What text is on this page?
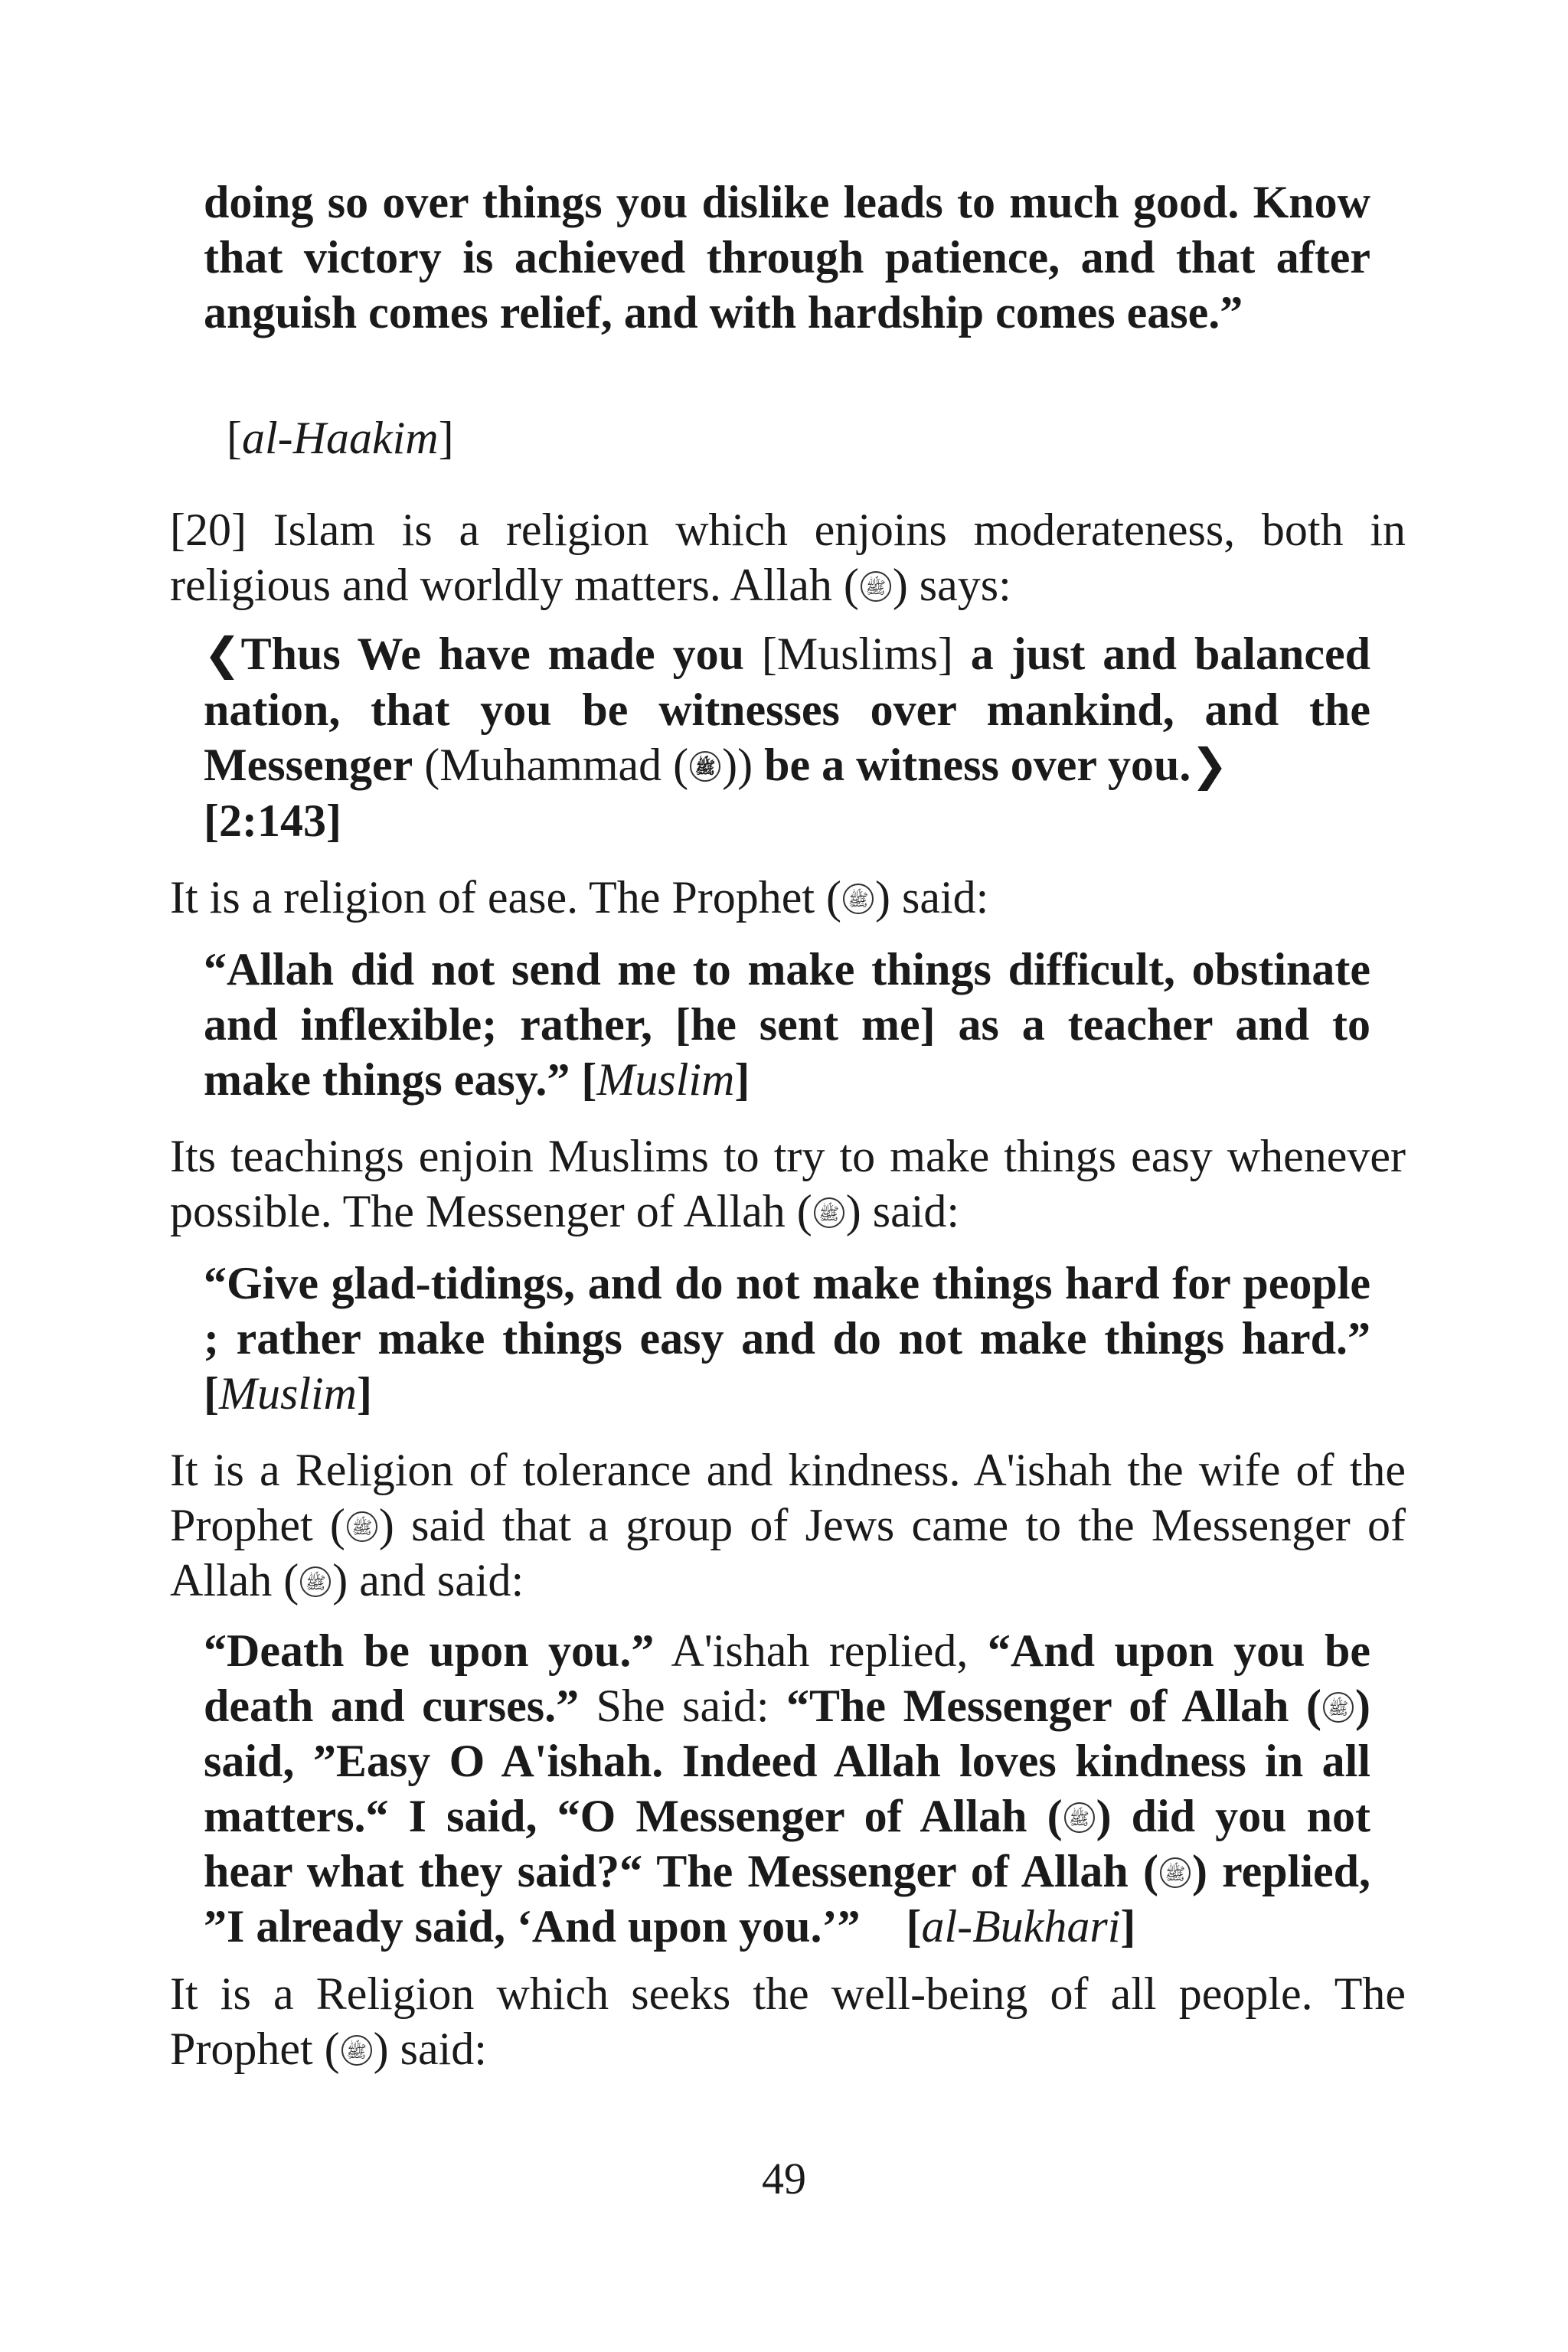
doing so over things you dislike leads to much good. Know that victory is achieved through patience, and that after anguish comes relief, and with hardship comes ease.”

[al-Haakim]

[20] Islam is a religion which enjoins moderateness, both in religious and worldly matters. Allah ( ﷺ ) says:

❮Thus We have made you [Muslims] a just and balanced nation, that you be witnesses over mankind, and the Messenger (Muhammad ( ﷺ )) be a witness over you.❯
[2:143]

It is a religion of ease. The Prophet ( ﷺ ) said:

“Allah did not send me to make things difficult, obstinate and inflexible; rather, [he sent me] as a teacher and to make things easy.” [Muslim]

Its teachings enjoin Muslims to try to make things easy whenever possible. The Messenger of Allah ( ﷺ ) said:

“Give glad-tidings, and do not make things hard for people ; rather make things easy and do not make things hard.” [Muslim]

It is a Religion of tolerance and kindness. A'ishah the wife of the Prophet ( ﷺ ) said that a group of Jews came to the Messenger of Allah ( ﷺ ) and said:

“Death be upon you.” A'ishah replied, “And upon you be death and curses.” She said: “The Messenger of Allah ( ﷺ ) said, ”Easy O A'ishah. Indeed Allah loves kindness in all matters.“ I said, “O Messenger of Allah ( ﷺ ) did you not hear what they said?“ The Messenger of Allah ( ﷺ ) replied, ”I already said, ‘And upon you.’” [al-Bukhari]

It is a Religion which seeks the well-being of all people. The Prophet ( ﷺ ) said:

49
